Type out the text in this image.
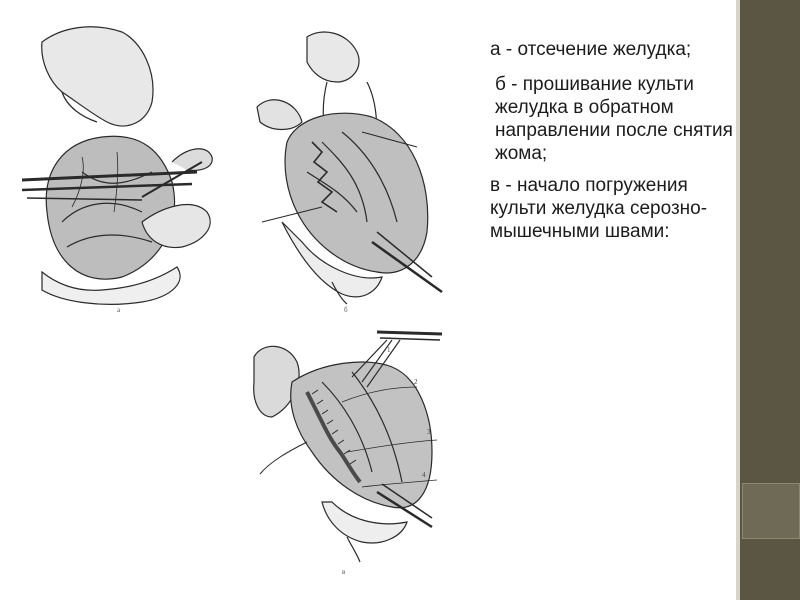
а	б
1
2
3
4
в

а - отсечение желудка;

б - прошивание культи желудка в обратном направлении после снятия жома;

в - начало погружения культи желудка серозно-мышечными швами:
